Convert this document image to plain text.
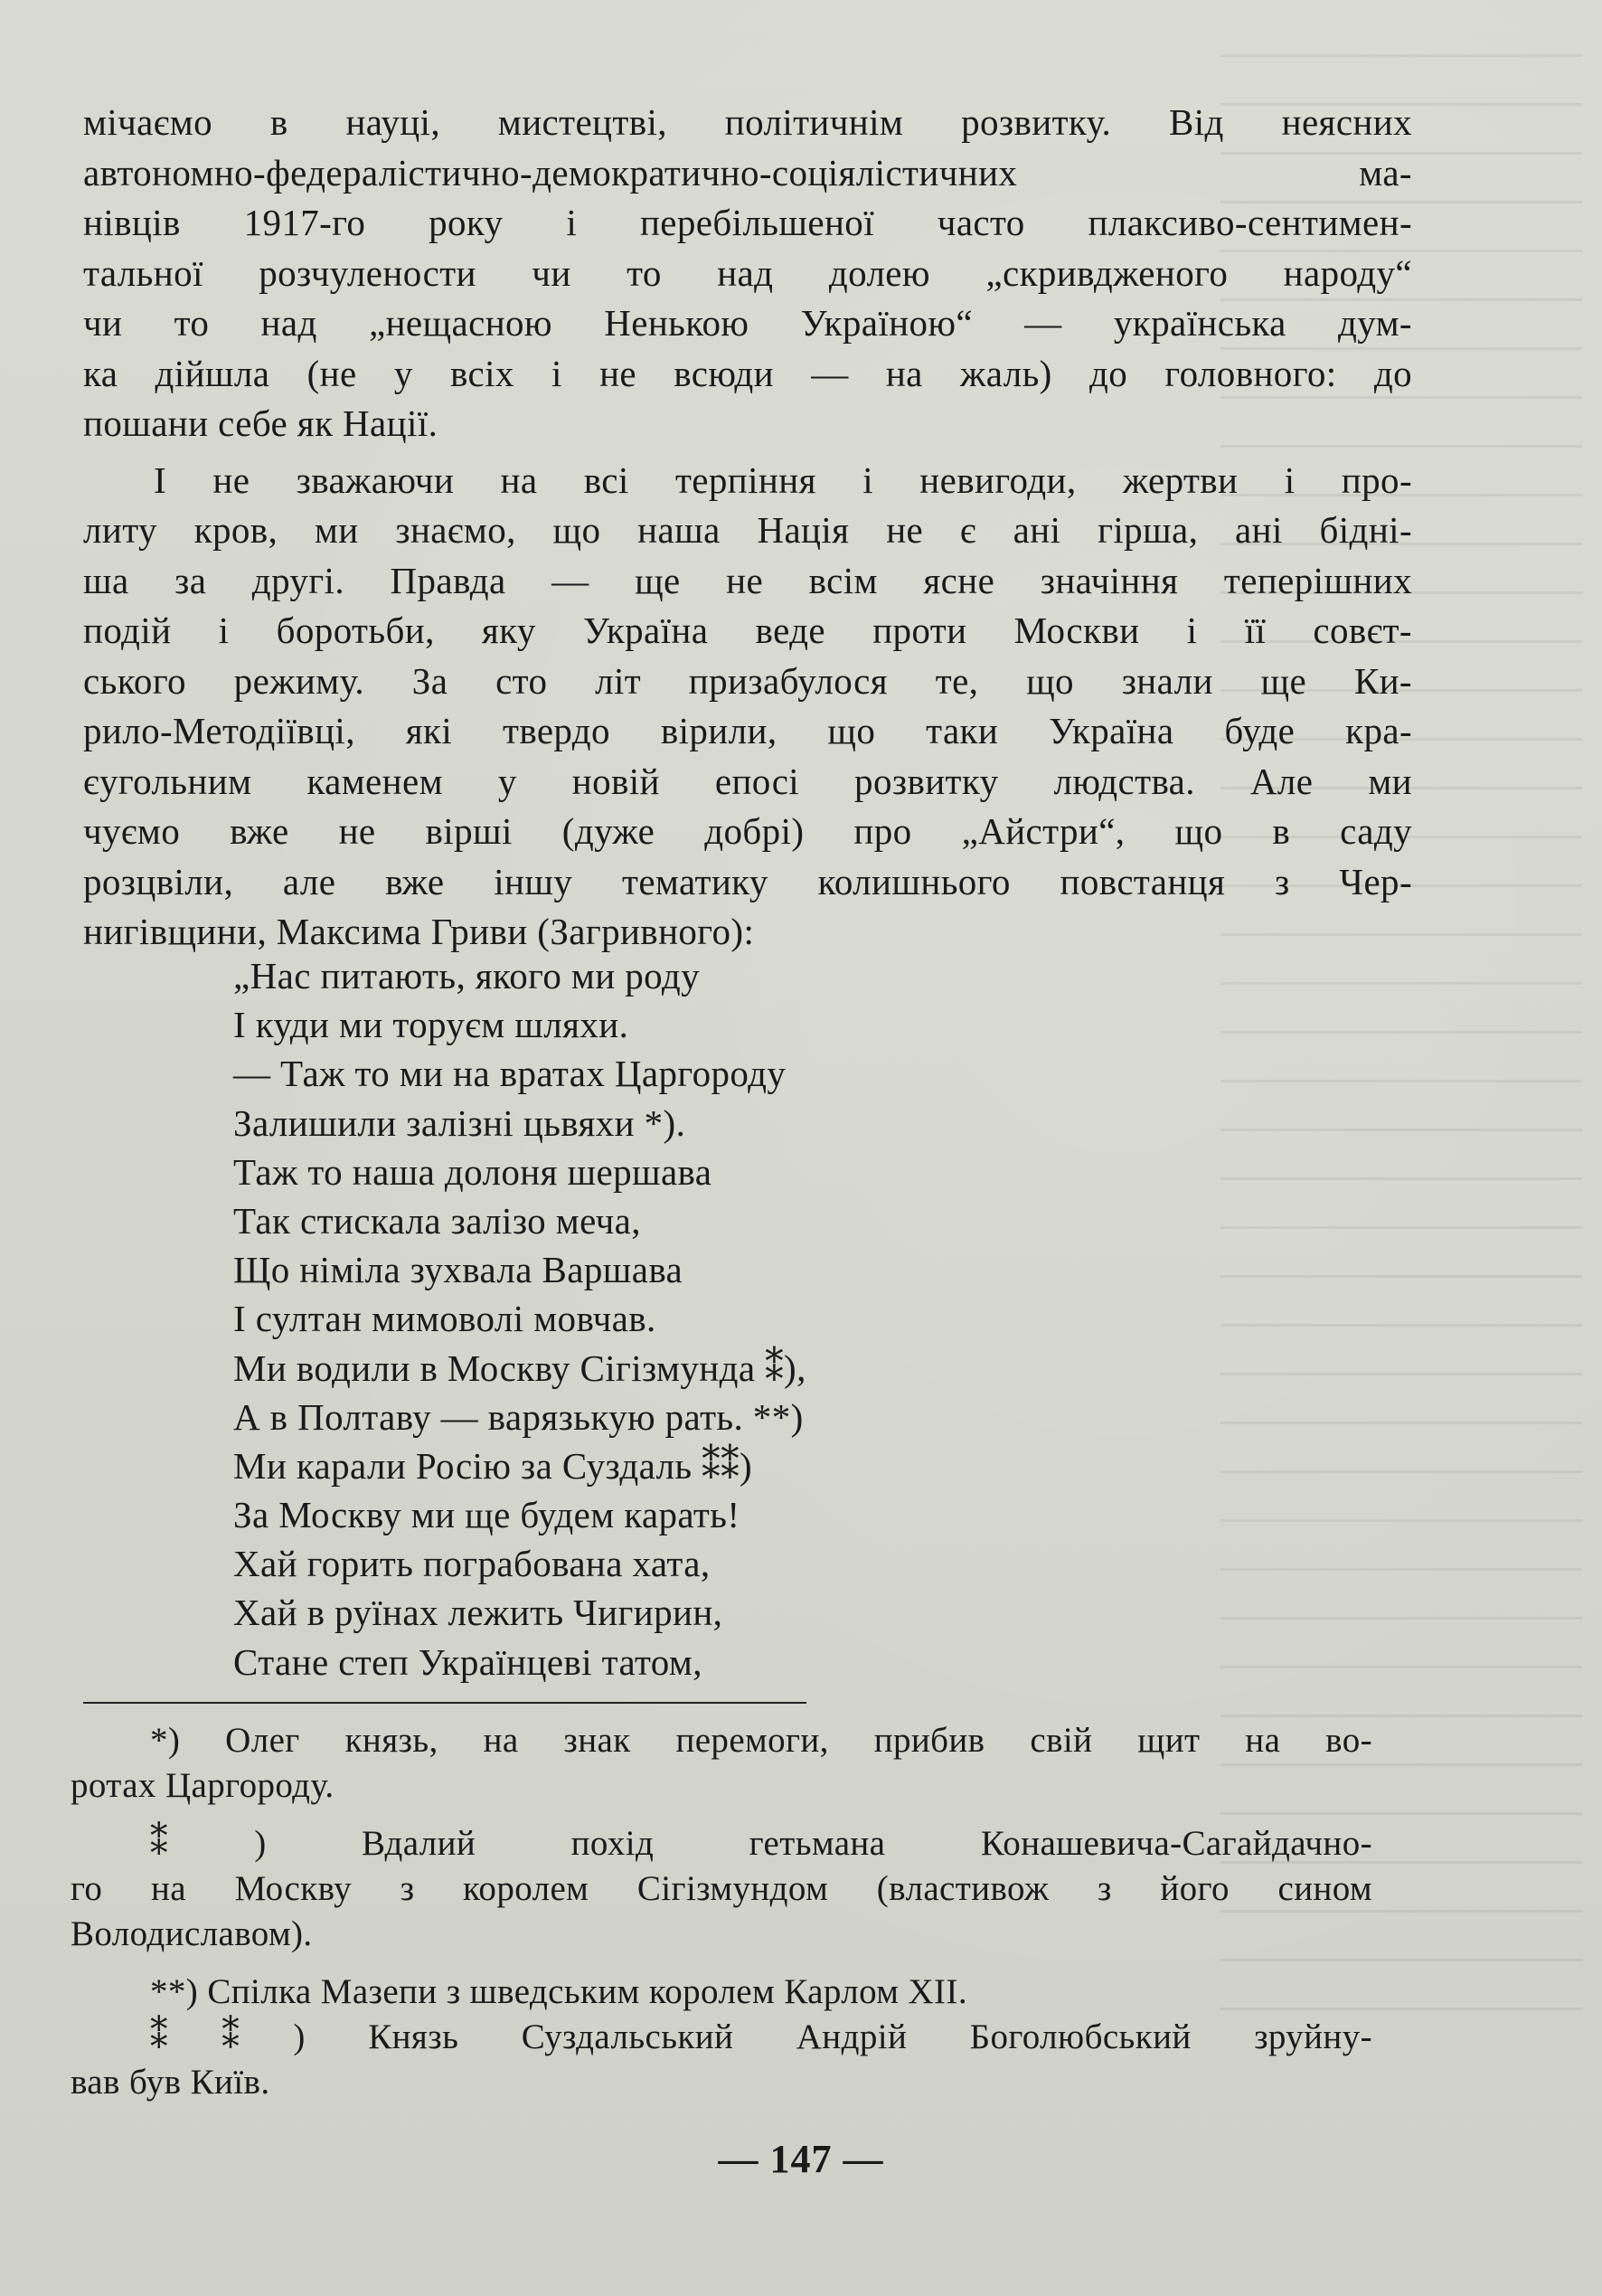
мічаємо в науці, мистецтві, політичнім розвитку. Від неясних
автономно-федералістично-демократично-соціялістичних ма-
нівців 1917-го року і перебільшеної часто плаксиво-сентимен-
тальної розчулености чи то над долею „скривдженого народу“
чи то над „нещасною Ненькою Україною“ — українська дум-
ка дійшла (не у всіх і не всюди — на жаль) до головного: до
пошани себе як Нації.
І не зважаючи на всі терпіння і невигоди, жертви і про-
литу кров, ми знаємо, що наша Нація не є ані гірша, ані бідні-
ша за другі. Правда — ще не всім ясне значіння теперішних
подій і боротьби, яку Україна веде проти Москви і її совєт-
ського режиму. За сто літ призабулося те, що знали ще Ки-
рило-Методіївці, які твердо вірили, що таки Україна буде кра-
єугольним каменем у новій епосі розвитку людства. Але ми
чуємо вже не вірші (дуже добрі) про „Айстри“, що в саду
розцвіли, але вже іншу тематику колишнього повстанця з Чер-
нигівщини, Максима Гриви (Загривного):
„Нас питають, якого ми роду
І куди ми торуєм шляхи.
— Таж то ми на вратах Царгороду
Залишили залізні цьвяхи *).
Таж то наша долоня шершава
Так стискала залізо меча,
Що німіла зухвала Варшава
І султан мимоволі мовчав.
Ми водили в Москву Сігізмунда ⁑),
А в Полтаву — варязькую рать. **)
Ми карали Росію за Суздаль ⁑⁑)
За Москву ми ще будем карать!
Хай горить пограбована хата,
Хай в руїнах лежить Чигирин,
Стане степ Українцеві татом,
*) Олег князь, на знак перемоги, прибив свій щит на во-
ротах Царгороду.
⁑) Вдалий похід гетьмана Конашевича-Сагайдачно-
го на Москву з королем Сігізмундом (властивож з його сином
Володиславом).
**) Спілка Мазепи з шведським королем Карлом XII.
⁑⁑) Князь Суздальський Андрій Боголюбський зруйну-
вав був Київ.
— 147 —
